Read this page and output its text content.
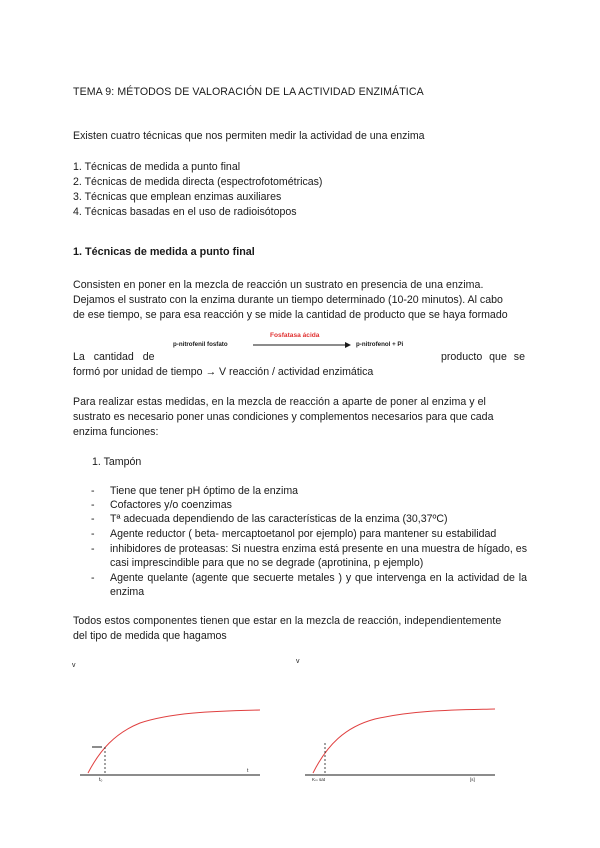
TEMA 9: MÉTODOS DE VALORACIÓN DE LA ACTIVIDAD ENZIMÁTICA
Existen cuatro técnicas que nos permiten medir la actividad de una enzima
1. Técnicas de medida a punto final
2. Técnicas de medida directa (espectrofotométricas)
3. Técnicas que emplean enzimas auxiliares
4. Técnicas basadas en el uso de radioisótopos
1. Técnicas de medida a punto final
Consisten en poner en la mezcla de reacción un sustrato en presencia de una enzima.
Dejamos el sustrato con la enzima durante un tiempo determinado (10-20 minutos). Al cabo
de ese tiempo, se para esa reacción y se mide la cantidad de producto que se haya formado
La cantidad de
p-nitrofenil fosfato
Fosfatasa ácida
p-nitrofenol + Pi
producto que se
formó por unidad de tiempo → V reacción / actividad enzimática
Para realizar estas medidas, en la mezcla de reacción a aparte de poner al enzima y el
sustrato es necesario poner unas condiciones y complementos necesarios para que cada
enzima funciones:
1. Tampón
- Tiene que tener pH óptimo de la enzima
- Cofactores y/o coenzimas
- Tª adecuada dependiendo de las características de la enzima (30,37ºC)
- Agente reductor ( beta- mercaptoetanol por ejemplo) para mantener su estabilidad
- inhibidores de proteasas: Si nuestra enzima está presente en una muestra de hígado, es casi imprescindible para que no se degrade (aprotinina, p ejemplo)
- Agente quelante (agente que secuerte metales ) y que intervenga en la actividad de la enzima
Todos estos componentes tienen que estar en la mezcla de reacción, independientemente
del tipo de medida que hagamos
v
v
t₀
t
Kₘ sat	[s]
